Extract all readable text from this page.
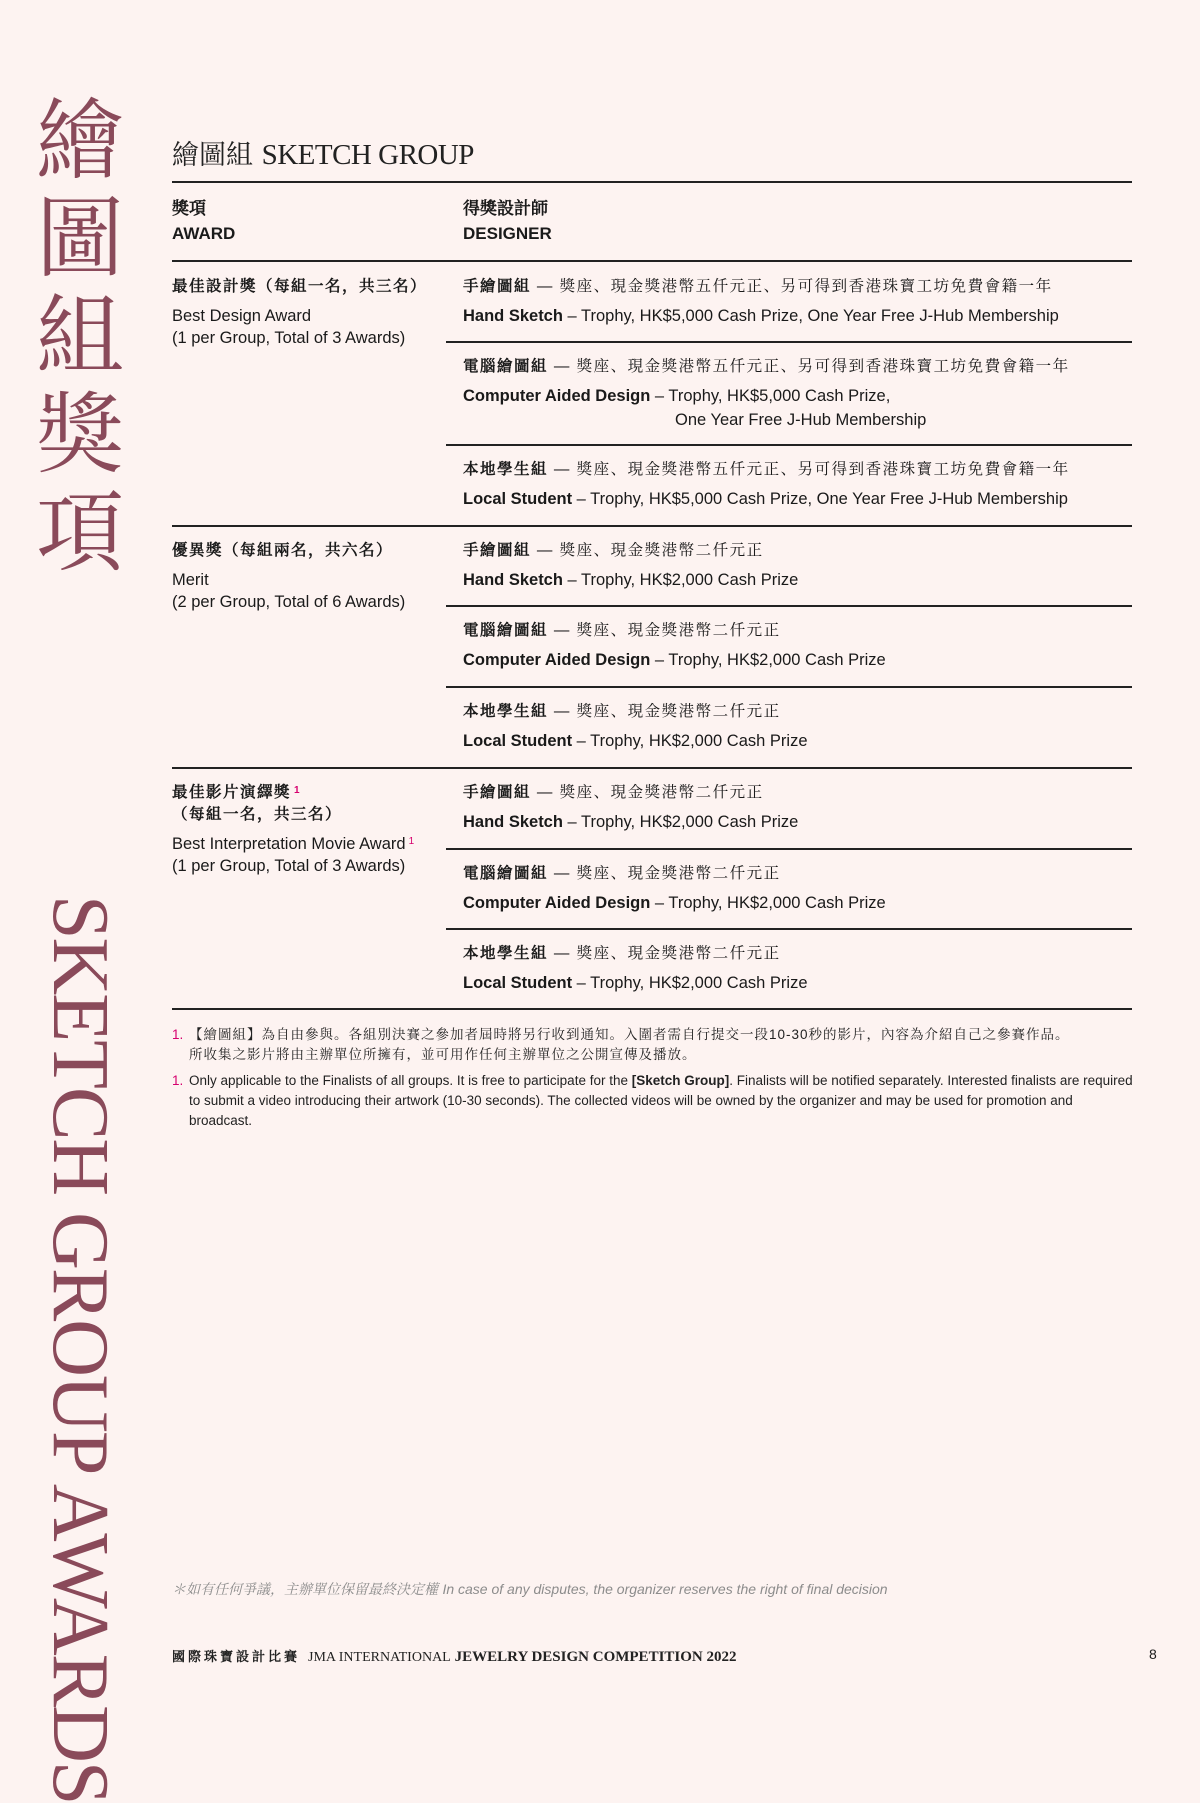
繪
圖
組
獎
項
SKETCH GROUP AWARDS
繪圖組 SKETCH GROUP
獎項
AWARD
得獎設計師
DESIGNER
最佳設計獎（每組一名，共三名）
Best Design Award
(1 per Group, Total of 3 Awards)
優異獎（每組兩名，共六名）
Merit
(2 per Group, Total of 6 Awards)
最佳影片演繹獎 $^1$
（每組一名，共三名）
Best Interpretation Movie Award $^1$
(1 per Group, Total of 3 Awards)
手繪圖組 — 獎座、現金獎港幣五仟元正、另可得到香港珠寶工坊免費會籍一年
Hand Sketch – Trophy, HK$5,000 Cash Prize, One Year Free J-Hub Membership
電腦繪圖組 — 獎座、現金獎港幣五仟元正、另可得到香港珠寶工坊免費會籍一年
Computer Aided Design – Trophy, HK$5,000 Cash Prize,
One Year Free J-Hub Membership
本地學生組 — 獎座、現金獎港幣五仟元正、另可得到香港珠寶工坊免費會籍一年
Local Student – Trophy, HK$5,000 Cash Prize, One Year Free J-Hub Membership
手繪圖組 — 獎座、現金獎港幣二仟元正
Hand Sketch – Trophy, HK$2,000 Cash Prize
電腦繪圖組 — 獎座、現金獎港幣二仟元正
Computer Aided Design – Trophy, HK$2,000 Cash Prize
本地學生組 — 獎座、現金獎港幣二仟元正
Local Student – Trophy, HK$2,000 Cash Prize
手繪圖組 — 獎座、現金獎港幣二仟元正
Hand Sketch – Trophy, HK$2,000 Cash Prize
電腦繪圖組 — 獎座、現金獎港幣二仟元正
Computer Aided Design – Trophy, HK$2,000 Cash Prize
本地學生組 — 獎座、現金獎港幣二仟元正
Local Student – Trophy, HK$2,000 Cash Prize
1. 【繪圖組】為自由參與。各組別決賽之參加者屆時將另行收到通知。入圍者需自行提交一段10-30秒的影片，內容為介紹自己之參賽作品。
所收集之影片將由主辦單位所擁有，並可用作任何主辦單位之公開宣傳及播放。
1. Only applicable to the Finalists of all groups. It is free to participate for the [Sketch Group]. Finalists will be notified separately. Interested finalists are required to submit a video introducing their artwork (10-30 seconds). The collected videos will be owned by the organizer and may be used for promotion and broadcast.
＊如有任何爭議，主辦單位保留最終決定權 In case of any disputes, the organizer reserves the right of final decision
國際珠寶設計比賽 JMA INTERNATIONAL JEWELRY DESIGN COMPETITION 2022	8
